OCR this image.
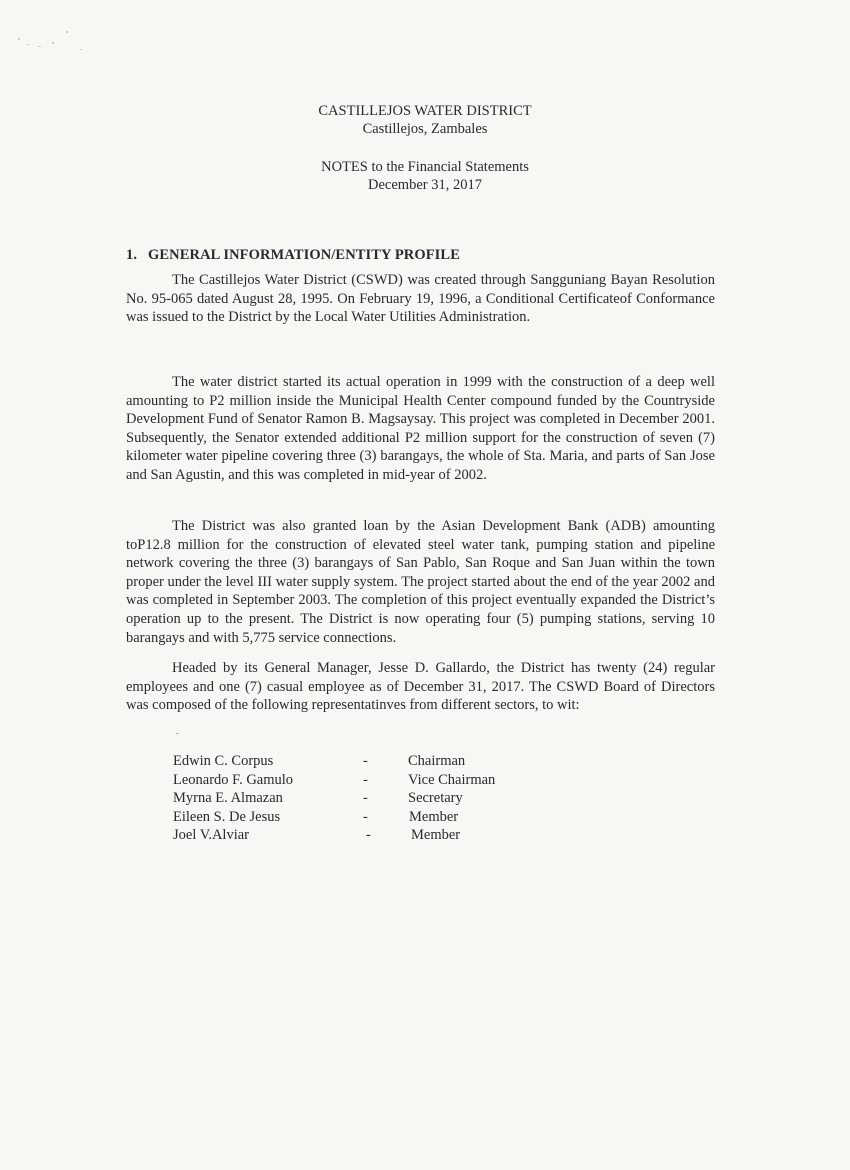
CASTILLEJOS WATER DISTRICT
Castillejos, Zambales
NOTES to the Financial Statements
December 31, 2017
1. GENERAL INFORMATION/ENTITY PROFILE

The Castillejos Water District (CSWD) was created through Sangguniang Bayan Resolution No. 95-065 dated August 28, 1995. On February 19, 1996, a Conditional Certificateof Conformance was issued to the District by the Local Water Utilities Administration.

The water district started its actual operation in 1999 with the construction of a deep well amounting to P2 million inside the Municipal Health Center compound funded by the Countryside Development Fund of Senator Ramon B. Magsaysay. This project was completed in December 2001. Subsequently, the Senator extended additional P2 million support for the construction of seven (7) kilometer water pipeline covering three (3) barangays, the whole of Sta. Maria, and parts of San Jose and San Agustin, and this was completed in mid-year of 2002.

The District was also granted loan by the Asian Development Bank (ADB) amounting toP12.8 million for the construction of elevated steel water tank, pumping station and pipeline network covering the three (3) barangays of San Pablo, San Roque and San Juan within the town proper under the level III water supply system. The project started about the end of the year 2002 and was completed in September 2003. The completion of this project eventually expanded the District’s operation up to the present. The District is now operating four (5) pumping stations, serving 10 barangays and with 5,775 service connections.

Headed by its General Manager, Jesse D. Gallardo, the District has twenty (24) regular employees and one (7) casual employee as of December 31, 2017. The CSWD Board of Directors was composed of the following representatinves from different sectors, to wit:

Edwin C. Corpus	-	Chairman
Leonardo F. Gamulo	-	Vice Chairman
Myrna E. Almazan	-	Secretary
Eileen S. De Jesus	-	Member
Joel V.Alviar	-	Member
